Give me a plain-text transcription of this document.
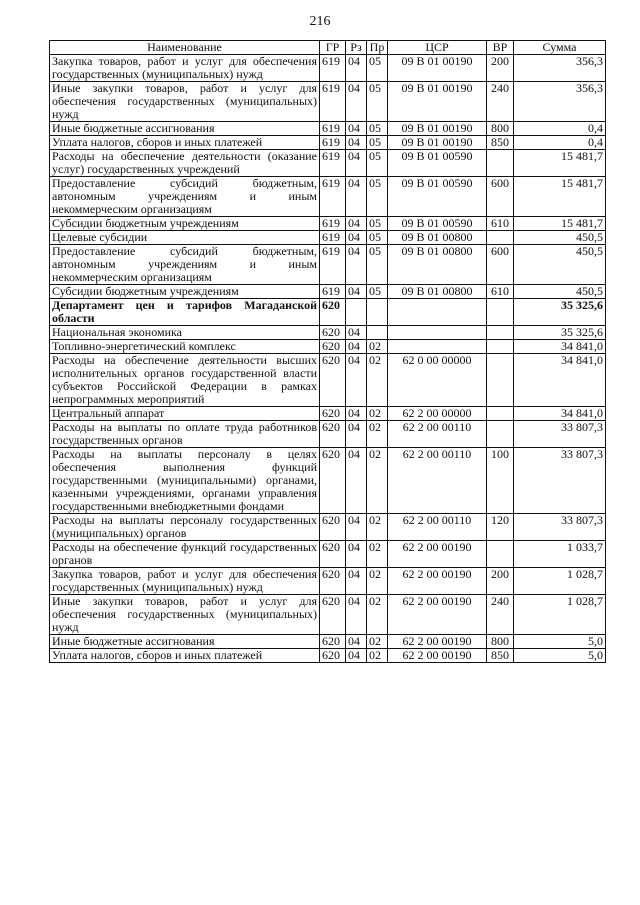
216
Наименование	ГР	Рз	Пр	ЦСР	ВР	Сумма
Закупка товаров, работ и услуг для обеспечения государственных (муниципальных) нужд	619	04	05	09 В 01 00190	200	356,3
Иные закупки товаров, работ и услуг для обеспечения государственных (муниципальных) нужд	619	04	05	09 В 01 00190	240	356,3
Иные бюджетные ассигнования	619	04	05	09 В 01 00190	800	0,4
Уплата налогов, сборов и иных платежей	619	04	05	09 В 01 00190	850	0,4
Расходы на обеспечение деятельности (оказание услуг) государственных учреждений	619	04	05	09 В 01 00590		15 481,7
Предоставление субсидий бюджетным, автономным учреждениям и иным некоммерческим организациям	619	04	05	09 В 01 00590	600	15 481,7
Субсидии бюджетным учреждениям	619	04	05	09 В 01 00590	610	15 481,7
Целевые субсидии	619	04	05	09 В 01 00800		450,5
Предоставление субсидий бюджетным, автономным учреждениям и иным некоммерческим организациям	619	04	05	09 В 01 00800	600	450,5
Субсидии бюджетным учреждениям	619	04	05	09 В 01 00800	610	450,5
Департамент цен и тарифов Магаданской области	620					35 325,6
Национальная экономика	620	04				35 325,6
Топливно-энергетический комплекс	620	04	02			34 841,0
Расходы на обеспечение деятельности высших исполнительных органов государственной власти субъектов Российской Федерации в рамках непрограммных мероприятий	620	04	02	62 0 00 00000		34 841,0
Центральный аппарат	620	04	02	62 2 00 00000		34 841,0
Расходы на выплаты по оплате труда работников государственных органов	620	04	02	62 2 00 00110		33 807,3
Расходы на выплаты персоналу в целях обеспечения выполнения функций государственными (муниципальными) органами, казенными учреждениями, органами управления государственными внебюджетными фондами	620	04	02	62 2 00 00110	100	33 807,3
Расходы на выплаты персоналу государственных (муниципальных) органов	620	04	02	62 2 00 00110	120	33 807,3
Расходы на обеспечение функций государственных органов	620	04	02	62 2 00 00190		1 033,7
Закупка товаров, работ и услуг для обеспечения государственных (муниципальных) нужд	620	04	02	62 2 00 00190	200	1 028,7
Иные закупки товаров, работ и услуг для обеспечения государственных (муниципальных) нужд	620	04	02	62 2 00 00190	240	1 028,7
Иные бюджетные ассигнования	620	04	02	62 2 00 00190	800	5,0
Уплата налогов, сборов и иных платежей	620	04	02	62 2 00 00190	850	5,0
